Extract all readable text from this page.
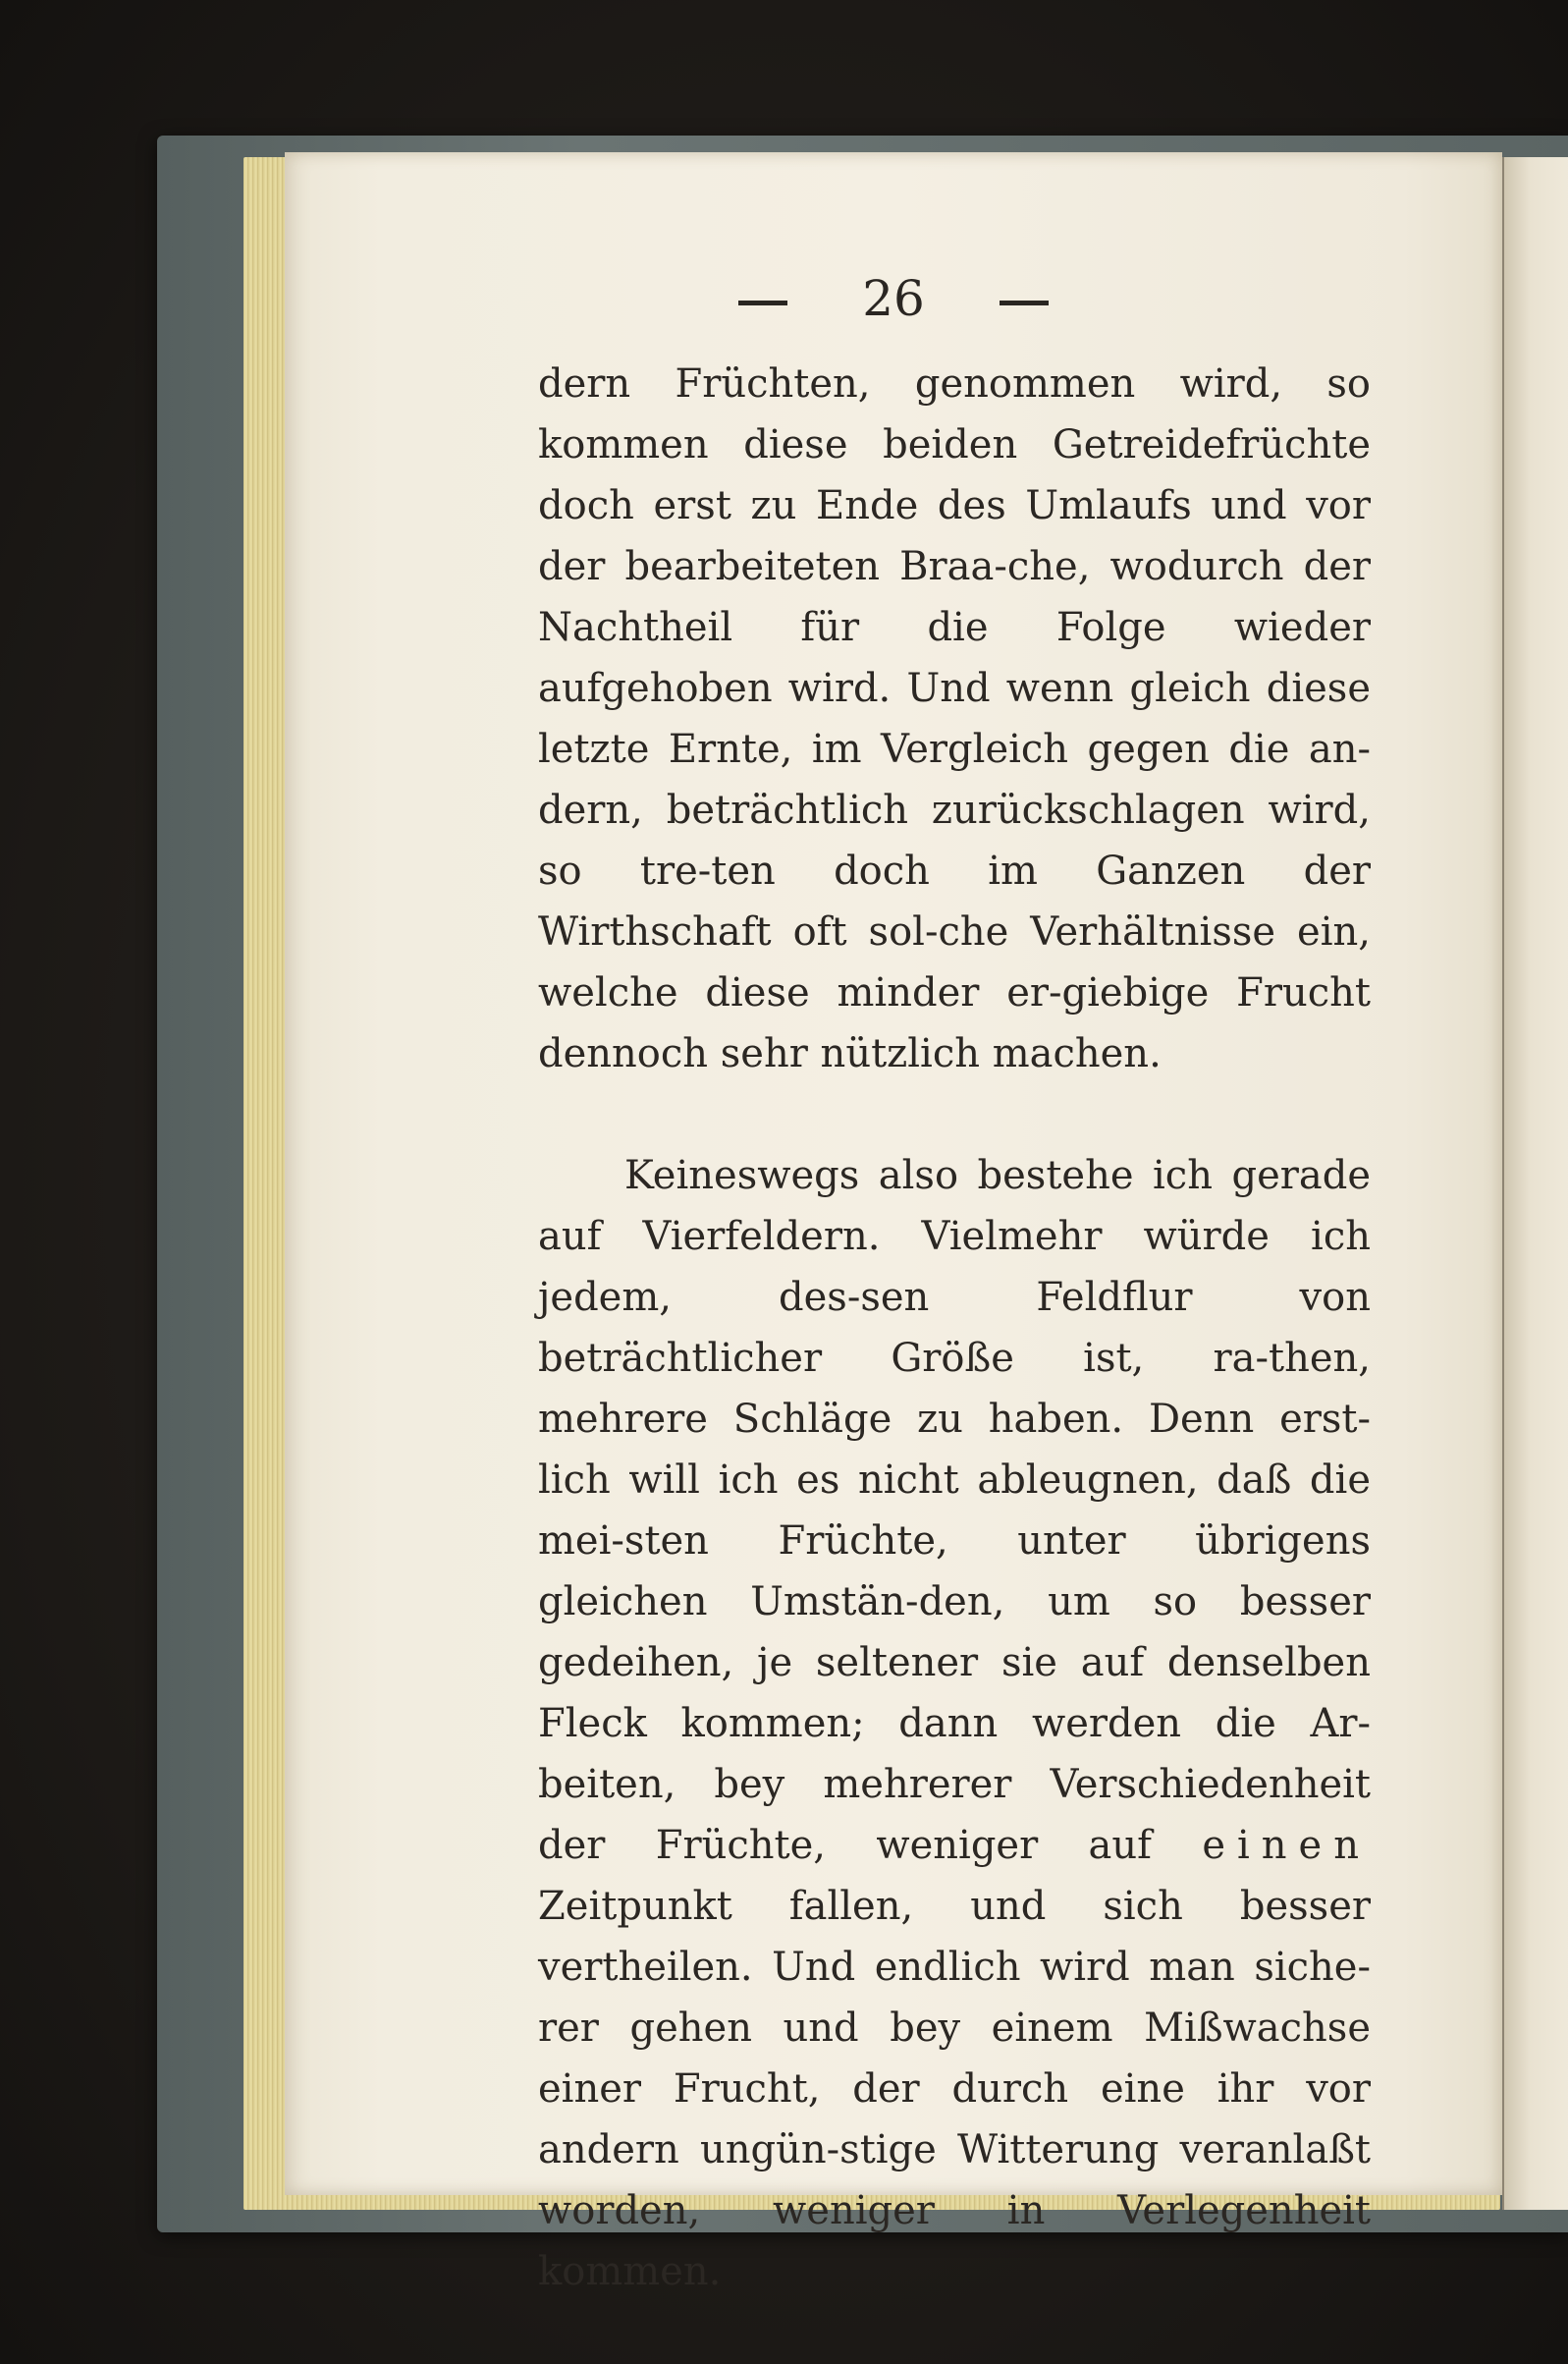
26

dern Früchten, genommen wird, so kommen diese beiden Getreidefrüchte doch erst zu Ende des Umlaufs und vor der bearbeiteten Braa-che, wodurch der Nachtheil für die Folge wieder aufgehoben wird. Und wenn gleich diese letzte Ernte, im Vergleich gegen die an-dern, beträchtlich zurückschlagen wird, so tre-ten doch im Ganzen der Wirthschaft oft sol-che Verhältnisse ein, welche diese minder er-giebige Frucht dennoch sehr nützlich machen.

Keineswegs also bestehe ich gerade auf Vierfeldern. Vielmehr würde ich jedem, des-sen Feldflur von beträchtlicher Größe ist, ra-then, mehrere Schläge zu haben. Denn erst-lich will ich es nicht ableugnen, daß die mei-sten Früchte, unter übrigens gleichen Umstän-den, um so besser gedeihen, je seltener sie auf denselben Fleck kommen; dann werden die Ar-beiten, bey mehrerer Verschiedenheit der Früchte, weniger auf einen Zeitpunkt fallen, und sich besser vertheilen. Und endlich wird man siche-rer gehen und bey einem Mißwachse einer Frucht, der durch eine ihr vor andern ungün-stige Witterung veranlaßt worden, weniger in Verlegenheit kommen.
